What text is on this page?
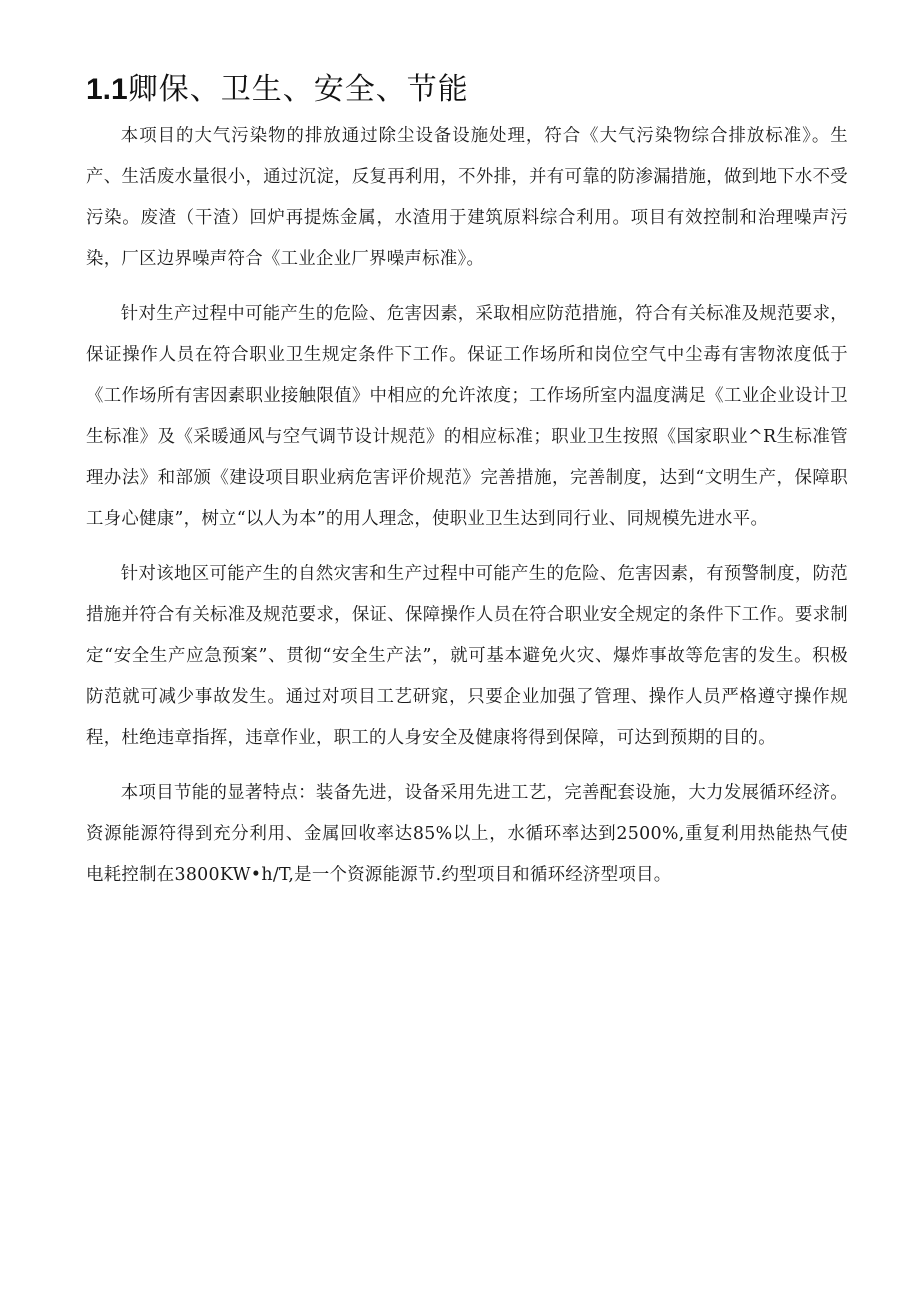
1.1卿保、卫生、安全、节能

本项目的大气污染物的排放通过除尘设备设施处理，符合《大气污染物综合排放标准》。生产、生活废水量很小，通过沉淀，反复再利用，不外排，并有可靠的防渗漏措施，做到地下水不受污染。废渣（干渣）回炉再提炼金属，水渣用于建筑原料综合利用。项目有效控制和治理噪声污染，厂区边界噪声符合《工业企业厂界噪声标准》。

针对生产过程中可能产生的危险、危害因素，采取相应防范措施，符合有关标准及规范要求，保证操作人员在符合职业卫生规定条件下工作。保证工作场所和岗位空气中尘毒有害物浓度低于《工作场所有害因素职业接触限值》中相应的允许浓度；工作场所室内温度满足《工业企业设计卫生标准》及《采暖通风与空气调节设计规范》的相应标准；职业卫生按照《国家职业^R生标准管理办法》和部颁《建设项目职业病危害评价规范》完善措施，完善制度，达到“文明生产，保障职工身心健康”，树立“以人为本”的用人理念，使职业卫生达到同行业、同规模先进水平。

针对该地区可能产生的自然灾害和生产过程中可能产生的危险、危害因素，有预警制度，防范措施并符合有关标准及规范要求，保证、保障操作人员在符合职业安全规定的条件下工作。要求制定“安全生产应急预案”、贯彻“安全生产法”，就可基本避免火灾、爆炸事故等危害的发生。积极防范就可减少事故发生。通过对项目工艺研窕，只要企业加强了管理、操作人员严格遵守操作规程，杜绝违章指挥，违章作业，职工的人身安全及健康将得到保障，可达到预期的目的。

本项目节能的显著特点：装备先进，设备采用先进工艺，完善配套设施，大力发展循环经济。资源能源符得到充分利用、金属回收率达85%以上，水循环率达到2500%,重复利用热能热气使电耗控制在3800KW•h/T,是一个资源能源节.约型项目和循环经济型项目。
